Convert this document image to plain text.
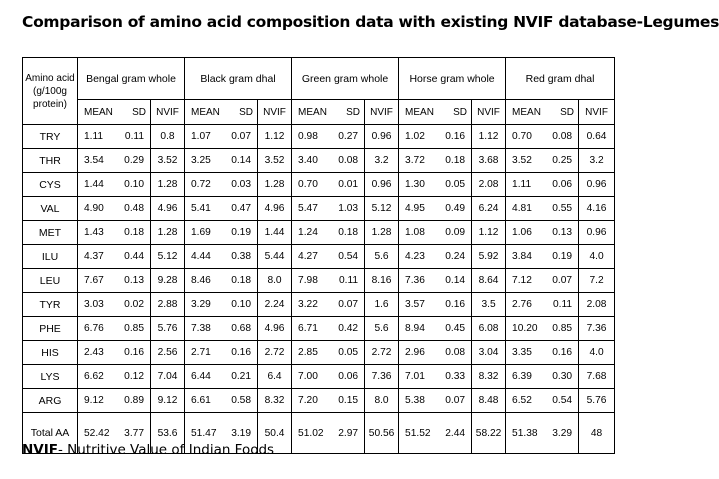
Comparison of amino acid composition data with existing NVIF database-Legumes
Amino acid (g/100g protein)	Bengal gram whole		Black gram dhal		Green gram whole		Horse gram whole		Red gram dhal	

	MEAN SD	NVIF	MEAN SD	NVIF	MEAN SD	NVIF	MEAN SD	NVIF	MEAN SD	NVIF
TRY	1.11 0.11	0.8	1.07 0.07	1.12	0.98 0.27	0.96	1.02 0.16	1.12	0.70 0.08	0.64
THR	3.54 0.29	3.52	3.25 0.14	3.52	3.40 0.08	3.2	3.72 0.18	3.68	3.52 0.25	3.2
CYS	1.44 0.10	1.28	0.72 0.03	1.28	0.70 0.01	0.96	1.30 0.05	2.08	1.11 0.06	0.96
VAL	4.90 0.48	4.96	5.41 0.47	4.96	5.47 1.03	5.12	4.95 0.49	6.24	4.81 0.55	4.16
MET	1.43 0.18	1.28	1.69 0.19	1.44	1.24 0.18	1.28	1.08 0.09	1.12	1.06 0.13	0.96
ILU	4.37 0.44	5.12	4.44 0.38	5.44	4.27 0.54	5.6	4.23 0.24	5.92	3.84 0.19	4.0
LEU	7.67 0.13	9.28	8.46 0.18	8.0	7.98 0.11	8.16	7.36 0.14	8.64	7.12 0.07	7.2
TYR	3.03 0.02	2.88	3.29 0.10	2.24	3.22 0.07	1.6	3.57 0.16	3.5	2.76 0.11	2.08
PHE	6.76 0.85	5.76	7.38 0.68	4.96	6.71 0.42	5.6	8.94 0.45	6.08	10.20 0.85	7.36
HIS	2.43 0.16	2.56	2.71 0.16	2.72	2.85 0.05	2.72	2.96 0.08	3.04	3.35 0.16	4.0
LYS	6.62 0.12	7.04	6.44 0.21	6.4	7.00 0.06	7.36	7.01 0.33	8.32	6.39 0.30	7.68
ARG	9.12 0.89	9.12	6.61 0.58	8.32	7.20 0.15	8.0	5.38 0.07	8.48	6.52 0.54	5.76
Total AA	52.42 3.77	53.6	51.47 3.19	50.4	51.02 2.97	50.56	51.52 2.44	58.22	51.38 3.29	48
NVIF- Nutritive Value of Indian Foods
